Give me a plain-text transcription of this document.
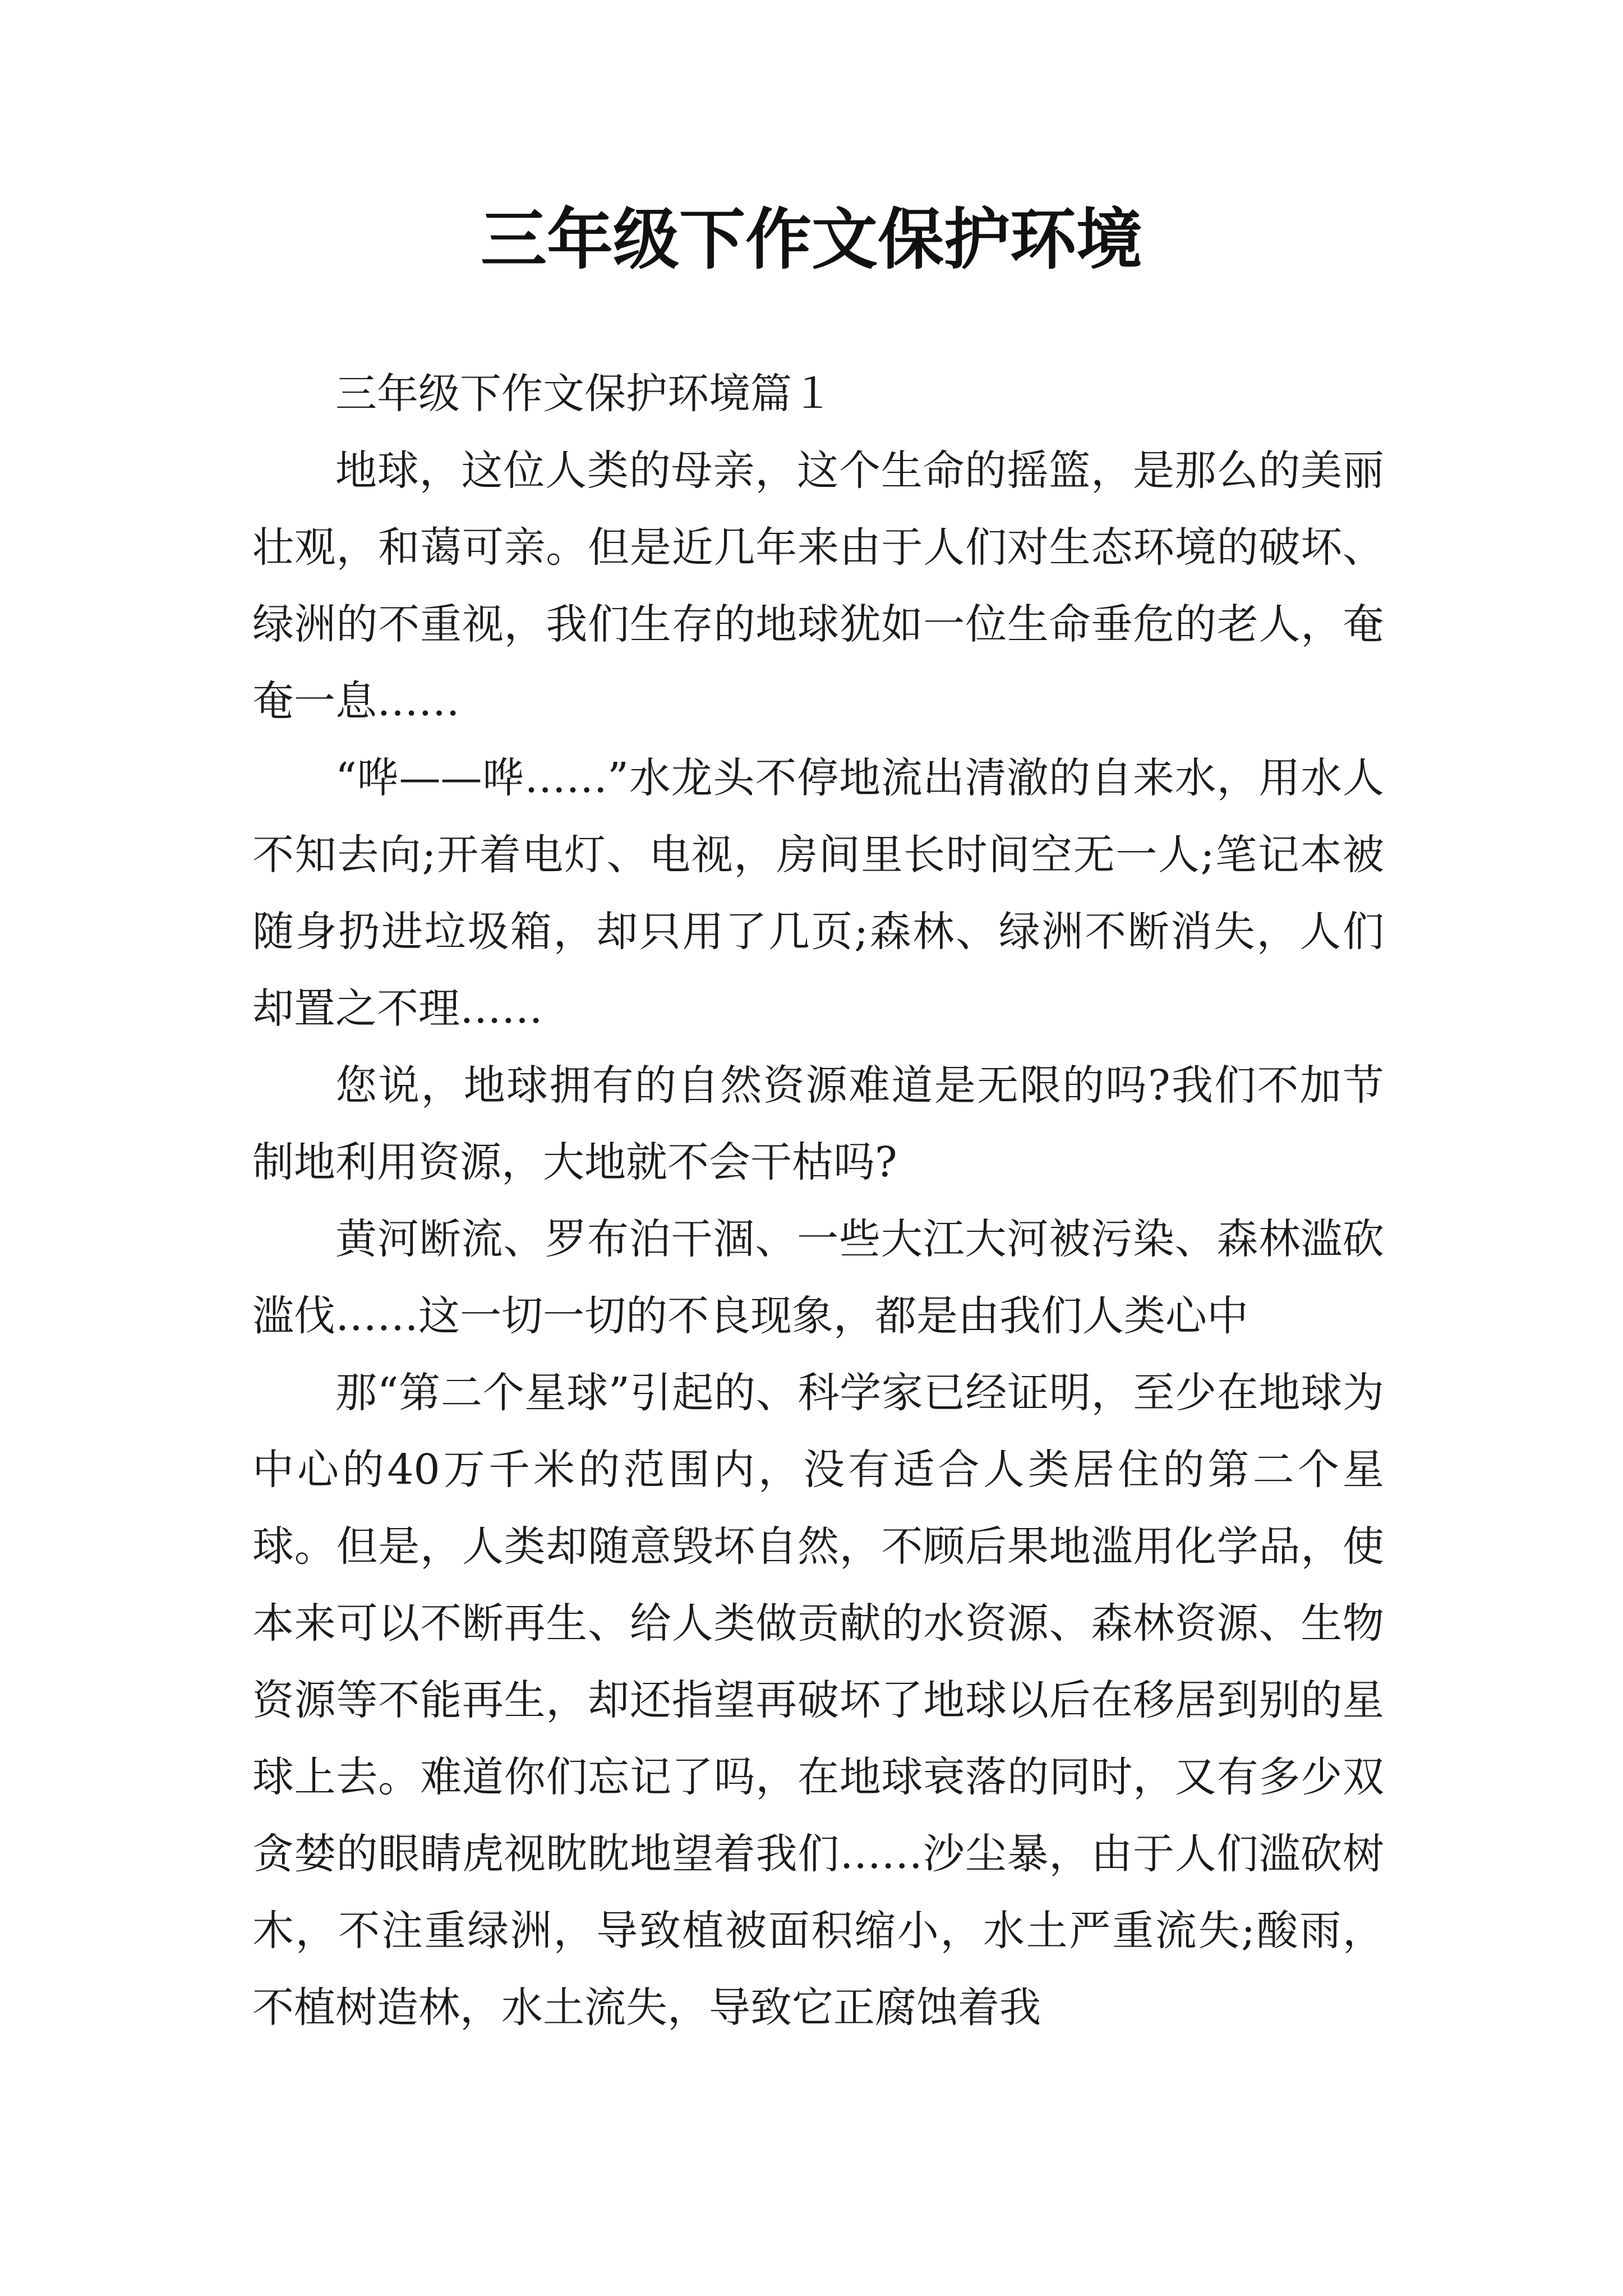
三年级下作文保护环境

三年级下作文保护环境篇１

地球，这位人类的母亲，这个生命的摇篮，是那么的美丽壮观，和蔼可亲。但是近几年来由于人们对生态环境的破坏、绿洲的不重视，我们生存的地球犹如一位生命垂危的老人，奄奄一息……

“哗——哗……”水龙头不停地流出清澈的自来水，用水人不知去向;开着电灯、电视，房间里长时间空无一人;笔记本被随身扔进垃圾箱，却只用了几页;森林、绿洲不断消失，人们却置之不理……

您说，地球拥有的自然资源难道是无限的吗?我们不加节制地利用资源，大地就不会干枯吗?

黄河断流、罗布泊干涸、一些大江大河被污染、森林滥砍滥伐……这一切一切的不良现象，都是由我们人类心中

那“第二个星球”引起的、科学家已经证明，至少在地球为中心的40万千米的范围内，没有适合人类居住的第二个星球。但是，人类却随意毁坏自然，不顾后果地滥用化学品，使本来可以不断再生、给人类做贡献的水资源、森林资源、生物资源等不能再生，却还指望再破坏了地球以后在移居到别的星球上去。难道你们忘记了吗，在地球衰落的同时，又有多少双贪婪的眼睛虎视眈眈地望着我们……沙尘暴，由于人们滥砍树木，不注重绿洲，导致植被面积缩小，水土严重流失;酸雨，不植树造林，水土流失，导致它正腐蚀着我
